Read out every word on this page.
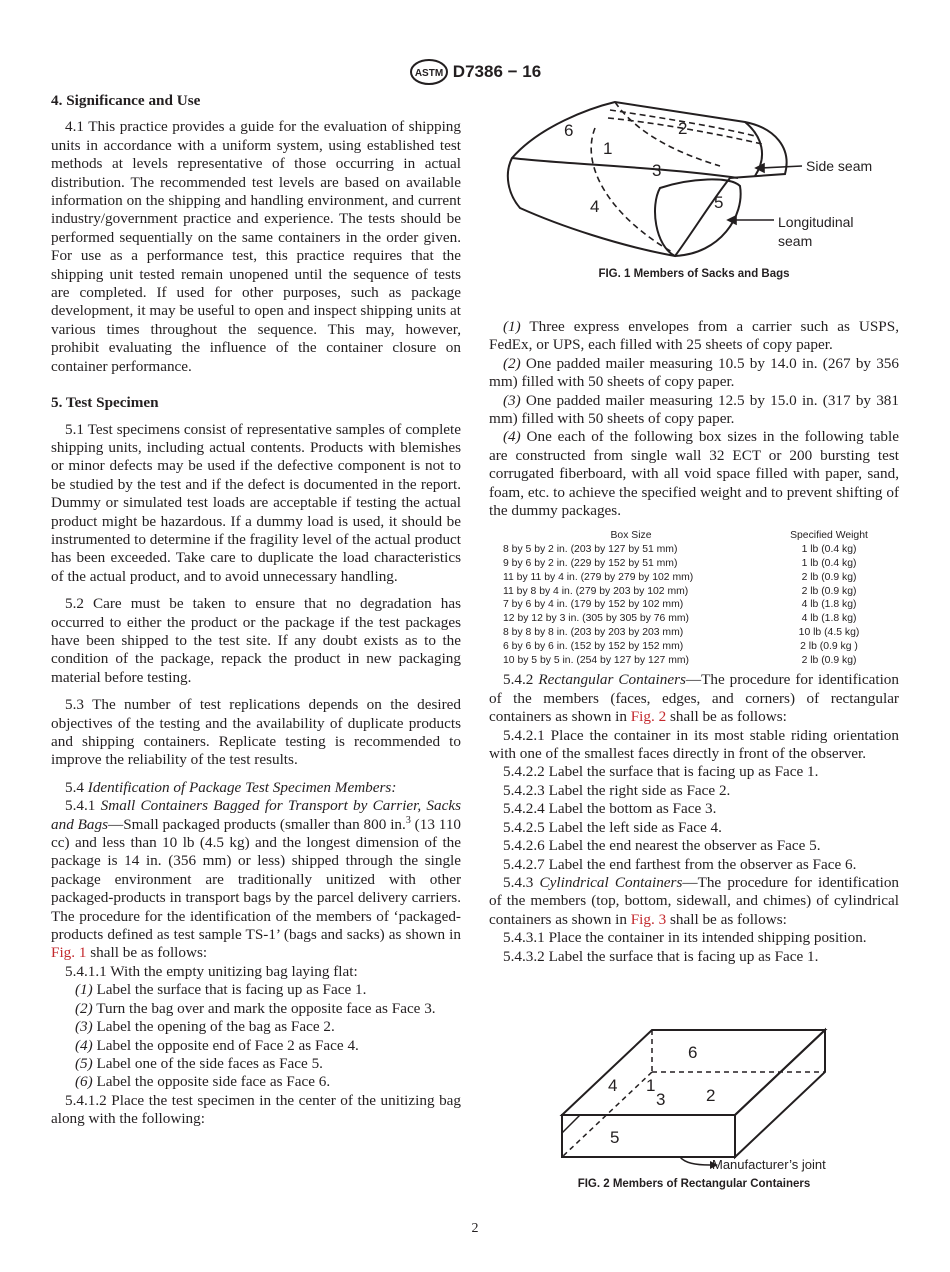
ASTM D7386 − 16
4. Significance and Use

4.1 This practice provides a guide for the evaluation of shipping units in accordance with a uniform system, using established test methods at levels representative of those occurring in actual distribution. The recommended test levels are based on available information on the shipping and handling environment, and current industry/government practice and experience. The tests should be performed sequentially on the same containers in the order given. For use as a performance test, this practice requires that the shipping unit tested remain unopened until the sequence of tests are completed. If used for other purposes, such as package development, it may be useful to open and inspect shipping units at various times throughout the sequence. This may, however, prohibit evaluating the influence of the container closure on container performance.

5. Test Specimen

5.1 Test specimens consist of representative samples of complete shipping units, including actual contents. Products with blemishes or minor defects may be used if the defective component is not to be studied by the test and if the defect is documented in the report. Dummy or simulated test loads are acceptable if testing the actual product might be hazardous. If a dummy load is used, it should be instrumented to determine if the fragility level of the actual product has been exceeded. Take care to duplicate the load characteristics of the actual product, and to avoid unnecessary handling.

5.2 Care must be taken to ensure that no degradation has occurred to either the product or the package if the test packages have been shipped to the test site. If any doubt exists as to the condition of the package, repack the product in new packaging material before testing.

5.3 The number of test replications depends on the desired objectives of the testing and the availability of duplicate products and shipping containers. Replicate testing is recommended to improve the reliability of the test results.

5.4 Identification of Package Test Specimen Members:

5.4.1 Small Containers Bagged for Transport by Carrier, Sacks and Bags—Small packaged products (smaller than 800 in.$^3$ (13 110 cc) and less than 10 lb (4.5 kg) and the longest dimension of the package is 14 in. (356 mm) or less) shipped through the single package environment are traditionally unitized with other packaged-products in transport bags by the parcel delivery carriers. The procedure for the identification of the members of ‘packaged-products defined as test sample TS-1’ (bags and sacks) as shown in Fig. 1 shall be as follows:

5.4.1.1 With the empty unitizing bag laying flat:

(1) Label the surface that is facing up as Face 1.

(2) Turn the bag over and mark the opposite face as Face 3.

(3) Label the opening of the bag as Face 2.

(4) Label the opposite end of Face 2 as Face 4.

(5) Label one of the side faces as Face 5.

(6) Label the opposite side face as Face 6.

5.4.1.2 Place the test specimen in the center of the unitizing bag along with the following:

6
1
2
3
4	5
Side seam
Longitudinal
seam
FIG. 1 Members of Sacks and Bags

(1) Three express envelopes from a carrier such as USPS, FedEx, or UPS, each filled with 25 sheets of copy paper.

(2) One padded mailer measuring 10.5 by 14.0 in. (267 by 356 mm) filled with 50 sheets of copy paper.

(3) One padded mailer measuring 12.5 by 15.0 in. (317 by 381 mm) filled with 50 sheets of copy paper.

(4) One each of the following box sizes in the following table are constructed from single wall 32 ECT or 200 bursting test corrugated fiberboard, with all void space filled with paper, sand, foam, etc. to achieve the specified weight and to prevent shifting of the dummy packages.

Box Size	Specified Weight
8 by 5 by 2 in. (203 by 127 by 51 mm)	1 lb (0.4 kg)
9 by 6 by 2 in. (229 by 152 by 51 mm)	1 lb (0.4 kg)
11 by 11 by 4 in. (279 by 279 by 102 mm)	2 lb (0.9 kg)
11 by 8 by 4 in. (279 by 203 by 102 mm)	2 lb (0.9 kg)
7 by 6 by 4 in. (179 by 152 by 102 mm)	4 lb (1.8 kg)
12 by 12 by 3 in. (305 by 305 by 76 mm)	4 lb (1.8 kg)
8 by 8 by 8 in. (203 by 203 by 203 mm)	10 lb (4.5 kg)
6 by 6 by 6 in. (152 by 152 by 152 mm)	2 lb (0.9 kg )
10 by 5 by 5 in. (254 by 127 by 127 mm)	2 lb (0.9 kg)

5.4.2 Rectangular Containers—The procedure for identification of the members (faces, edges, and corners) of rectangular containers as shown in Fig. 2 shall be as follows:

5.4.2.1 Place the container in its most stable riding orientation with one of the smallest faces directly in front of the observer.

5.4.2.2 Label the surface that is facing up as Face 1.

5.4.2.3 Label the right side as Face 2.

5.4.2.4 Label the bottom as Face 3.

5.4.2.5 Label the left side as Face 4.

5.4.2.6 Label the end nearest the observer as Face 5.

5.4.2.7 Label the end farthest from the observer as Face 6.

5.4.3 Cylindrical Containers—The procedure for identification of the members (top, bottom, sidewall, and chimes) of cylindrical containers as shown in Fig. 3 shall be as follows:

5.4.3.1 Place the container in its intended shipping position.

5.4.3.2 Label the surface that is facing up as Face 1.

6
1
4
3 2
5
Manufacturer’s joint
FIG. 2 Members of Rectangular Containers
2
